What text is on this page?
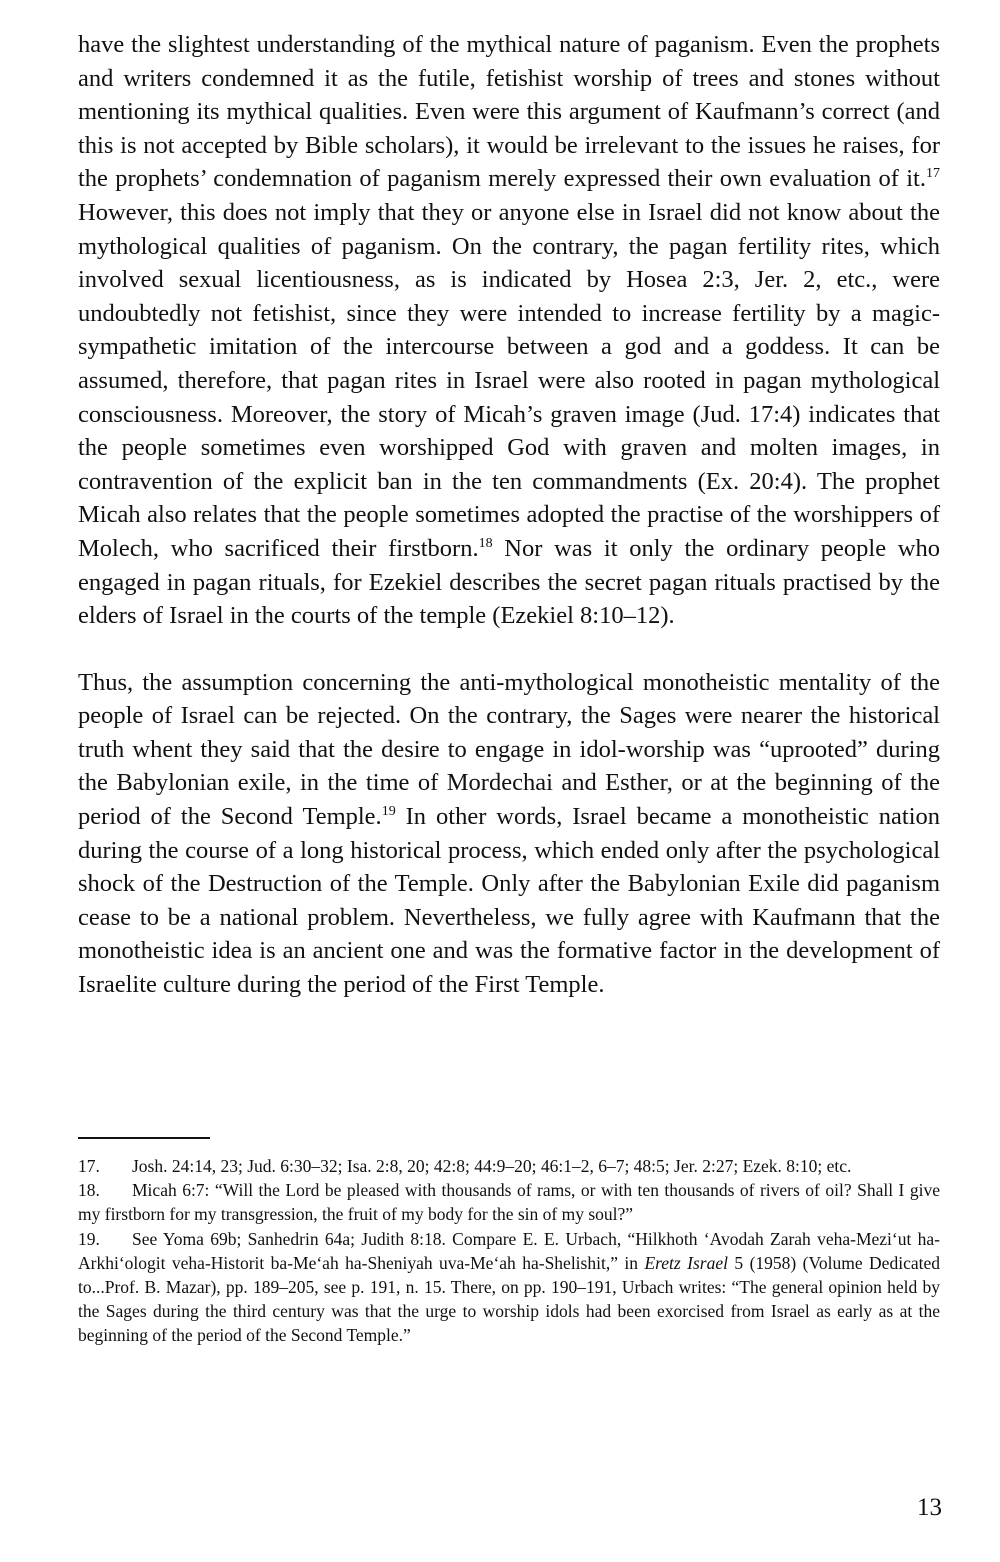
have the slightest understanding of the mythical nature of paganism. Even the prophets and writers condemned it as the futile, fetishist worship of trees and stones without mentioning its mythical qualities. Even were this argument of Kaufmann’s correct (and this is not accepted by Bible scholars), it would be irrelevant to the issues he raises, for the prophets’ condemnation of paganism merely expressed their own evaluation of it.$^{17}$ However, this does not imply that they or anyone else in Israel did not know about the mythological qualities of paganism. On the contrary, the pagan fertility rites, which involved sexual licentiousness, as is indicated by Hosea 2:3, Jer. 2, etc., were undoubtedly not fetishist, since they were intended to increase fertility by a magic-sympathetic imitation of the intercourse between a god and a goddess. It can be assumed, therefore, that pagan rites in Israel were also rooted in pagan mythological consciousness. Moreover, the story of Micah’s graven image (Jud. 17:4) indicates that the people sometimes even worshipped God with graven and molten images, in contravention of the explicit ban in the ten commandments (Ex. 20:4). The prophet Micah also relates that the people sometimes adopted the practise of the worshippers of Molech, who sacrificed their firstborn.$^{18}$ Nor was it only the ordinary people who engaged in pagan rituals, for Ezekiel describes the secret pagan rituals practised by the elders of Israel in the courts of the temple (Ezekiel 8:10–12).

Thus, the assumption concerning the anti-mythological monotheistic mentality of the people of Israel can be rejected. On the contrary, the Sages were nearer the historical truth whent they said that the desire to engage in idol-worship was “uprooted” during the Babylonian exile, in the time of Mordechai and Esther, or at the beginning of the period of the Second Temple.$^{19}$ In other words, Israel became a monotheistic nation during the course of a long historical process, which ended only after the psychological shock of the Destruction of the Temple. Only after the Babylonian Exile did paganism cease to be a national problem. Nevertheless, we fully agree with Kaufmann that the monotheistic idea is an ancient one and was the formative factor in the development of Israelite culture during the period of the First Temple.

17. Josh. 24:14, 23; Jud. 6:30–32; Isa. 2:8, 20; 42:8; 44:9–20; 46:1–2, 6–7; 48:5; Jer. 2:27; Ezek. 8:10; etc.

18. Micah 6:7: “Will the Lord be pleased with thousands of rams, or with ten thousands of rivers of oil? Shall I give my firstborn for my transgression, the fruit of my body for the sin of my soul?”

19. See Yoma 69b; Sanhedrin 64a; Judith 8:18. Compare E. E. Urbach, “Hilkhoth ‘Avodah Zarah veha-Mezi‘ut ha-Arkhi‘ologit veha-Historit ba-Me‘ah ha-Sheniyah uva-Me‘ah ha-Shelishit,” in Eretz Israel 5 (1958) (Volume Dedicated to...Prof. B. Mazar), pp. 189–205, see p. 191, n. 15. There, on pp. 190–191, Urbach writes: “The general opinion held by the Sages during the third century was that the urge to worship idols had been exorcised from Israel as early as at the beginning of the period of the Second Temple.”

13
